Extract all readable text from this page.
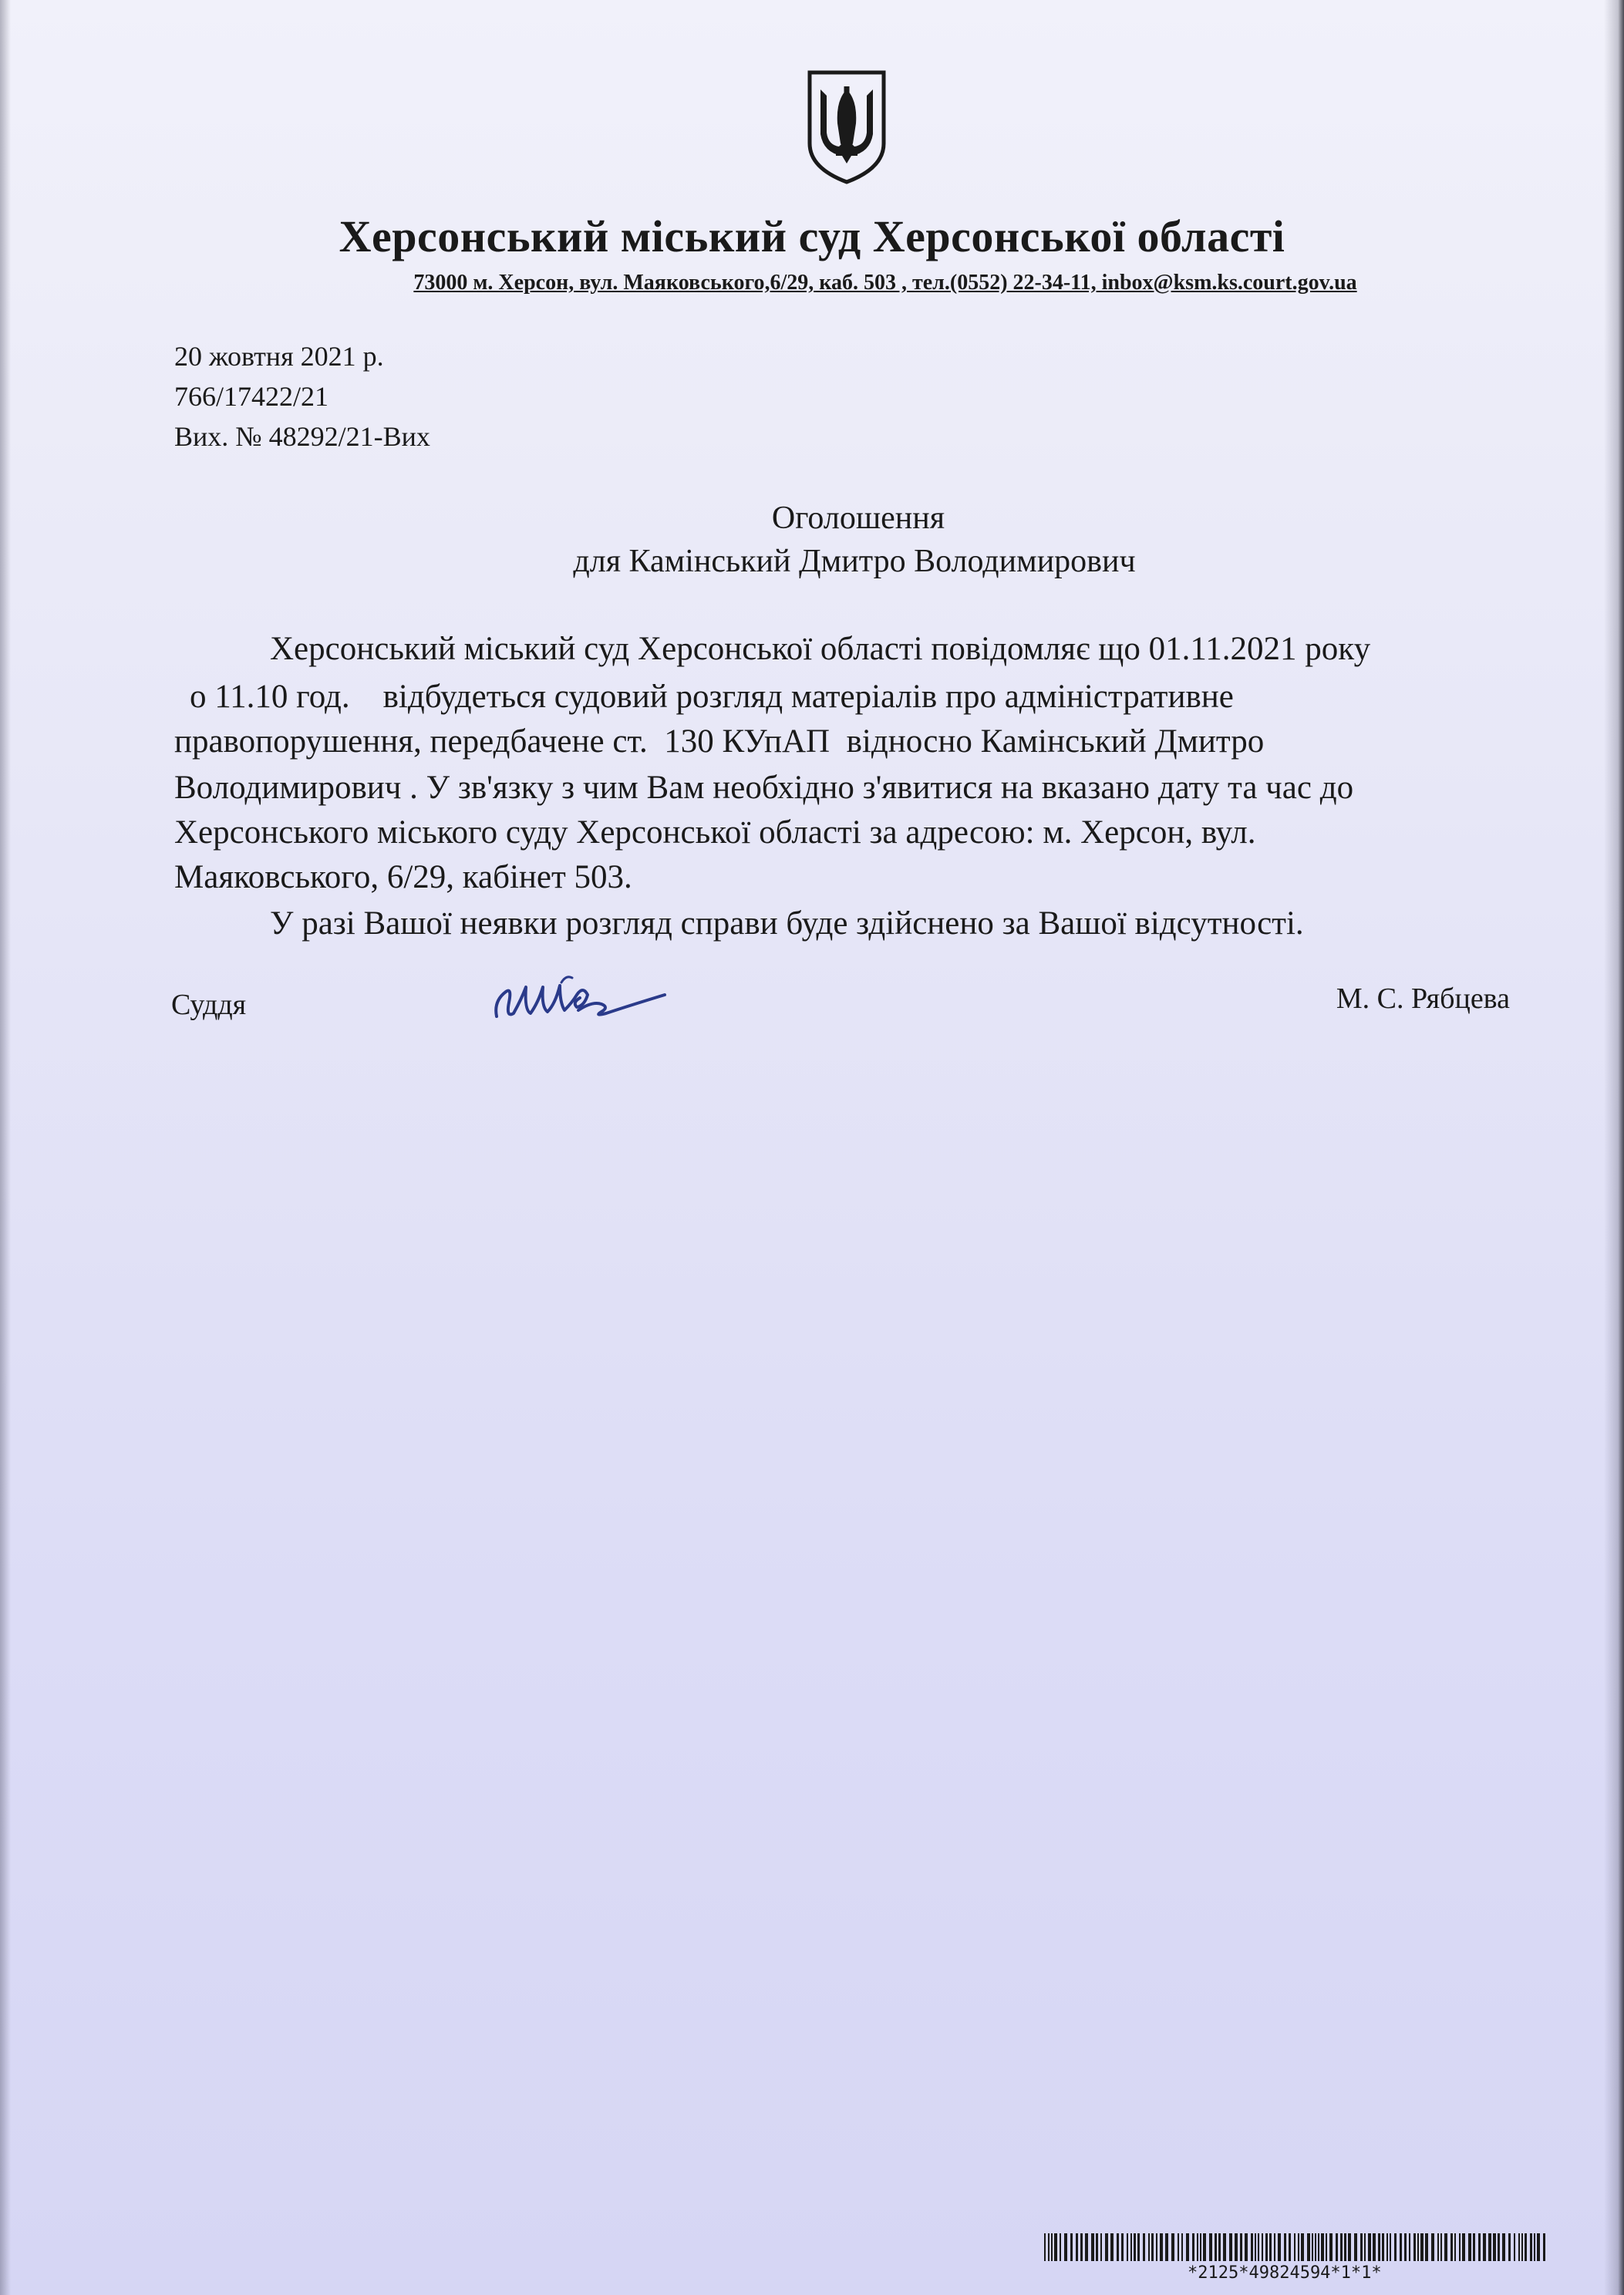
Херсонський міський суд Херсонської області
73000 м. Херсон, вул. Маяковського,6/29, каб. 503 , тел.(0552) 22-34-11, inbox@ksm.ks.court.gov.ua
20 жовтня 2021 р.
766/17422/21
Вих. № 48292/21-Вих
Оголошення
для Камінський Дмитро Володимирович
Херсонський міський суд Херсонської області повідомляє що 01.11.2021 року
о 11.10 год.    відбудеться судовий розгляд матеріалів про адміністративне
правопорушення, передбачене ст.  130 КУпАП  відносно Камінський Дмитро
Володимирович . У зв'язку з чим Вам необхідно з'явитися на вказано дату та час до
Херсонського міського суду Херсонської області за адресою: м. Херсон, вул.
Маяковського, 6/29, кабінет 503.
У разі Вашої неявки розгляд справи буде здійснено за Вашої відсутності.
Суддя	М. С. Рябцева
*2125*49824594*1*1*
